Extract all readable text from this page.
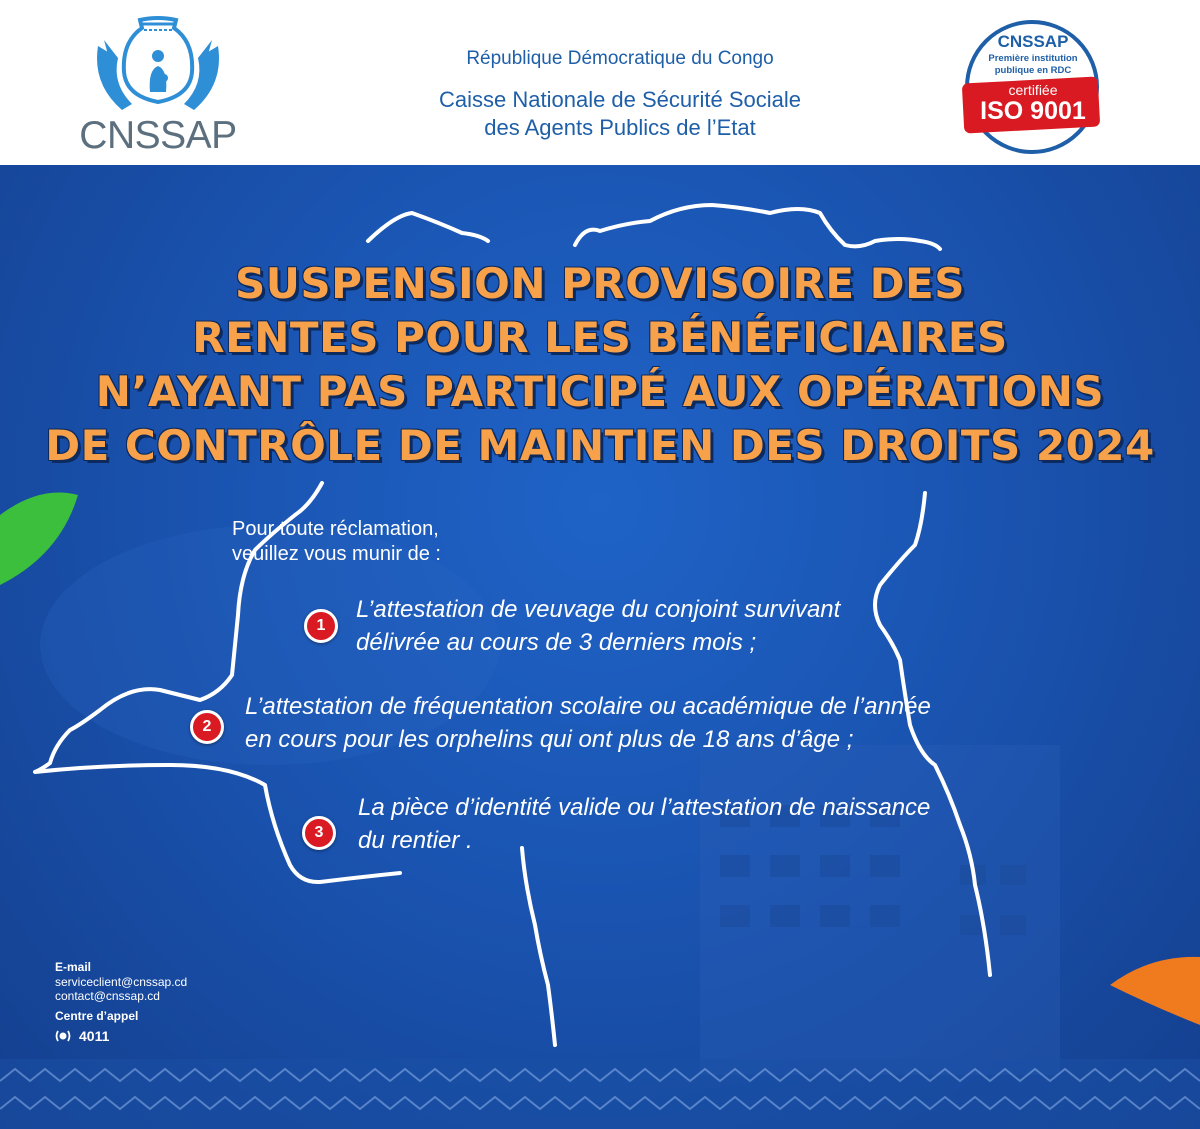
CNSSAP
République Démocratique du Congo
Caisse Nationale de Sécurité Sociale
des Agents Publics de l’Etat
CNSSAP
Première institution
publique en RDC
certifiée
ISO 9001
SUSPENSION PROVISOIRE DES
RENTES POUR LES BÉNÉFICIAIRES
N’AYANT PAS PARTICIPÉ AUX OPÉRATIONS
DE CONTRÔLE DE MAINTIEN DES DROITS 2024
Pour toute réclamation,
veuillez vous munir de :
1
L’attestation de veuvage du conjoint survivant
délivrée au cours de 3 derniers mois ;
2
L’attestation de fréquentation scolaire ou académique de l’année
en cours pour les orphelins qui ont plus de 18 ans d’âge ;
3
La pièce d’identité valide ou l’attestation de naissance
du rentier .
E-mail
serviceclient@cnssap.cd
contact@cnssap.cd
Centre d’appel
4011
